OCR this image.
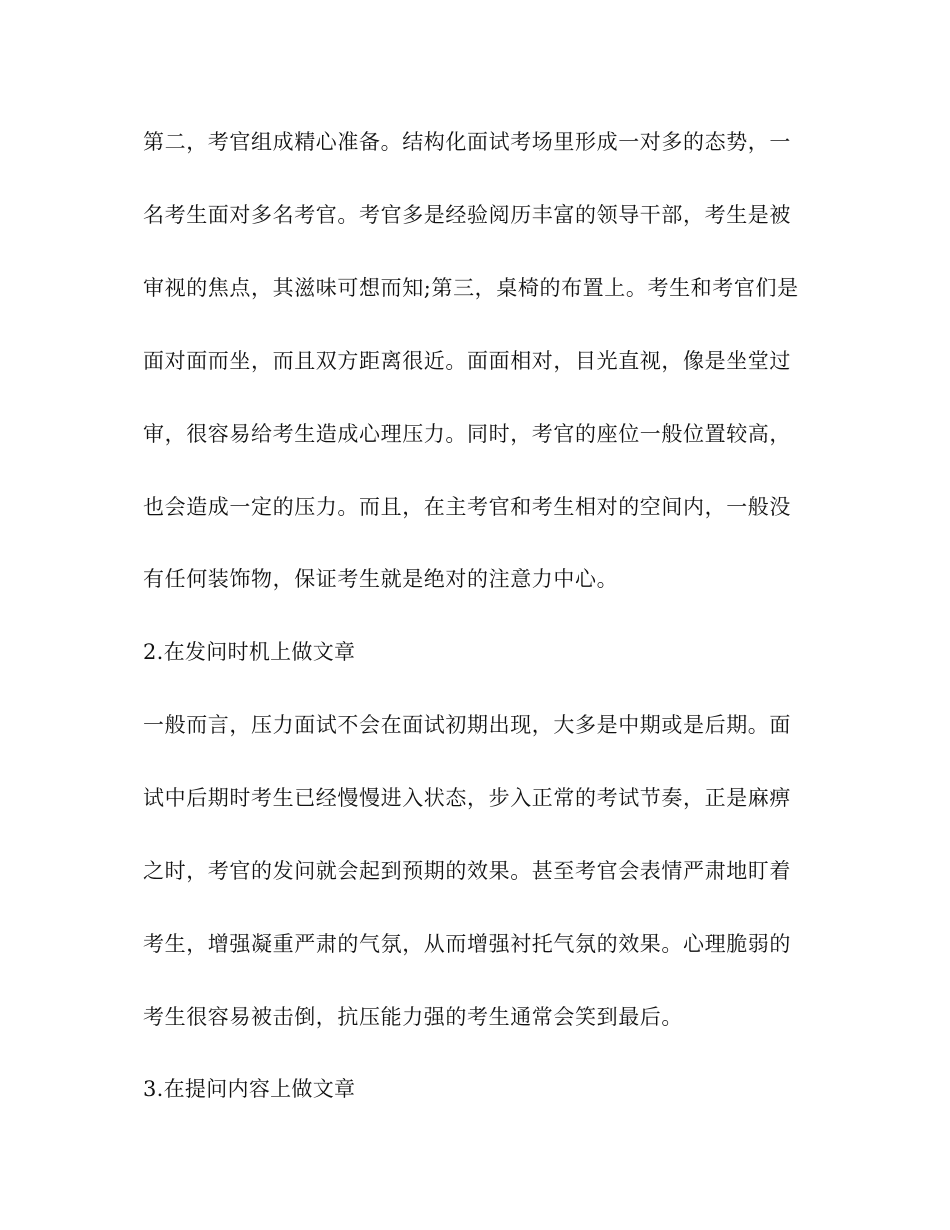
第二，考官组成精心准备。结构化面试考场里形成一对多的态势，一
名考生面对多名考官。考官多是经验阅历丰富的领导干部，考生是被
审视的焦点，其滋味可想而知;第三，桌椅的布置上。考生和考官们是
面对面而坐，而且双方距离很近。面面相对，目光直视，像是坐堂过
审，很容易给考生造成心理压力。同时，考官的座位一般位置较高，
也会造成一定的压力。而且，在主考官和考生相对的空间内，一般没
有任何装饰物，保证考生就是绝对的注意力中心。
2.在发问时机上做文章
一般而言，压力面试不会在面试初期出现，大多是中期或是后期。面
试中后期时考生已经慢慢进入状态，步入正常的考试节奏，正是麻痹
之时，考官的发问就会起到预期的效果。甚至考官会表情严肃地盯着
考生，增强凝重严肃的气氛，从而增强衬托气氛的效果。心理脆弱的
考生很容易被击倒，抗压能力强的考生通常会笑到最后。
3.在提问内容上做文章
